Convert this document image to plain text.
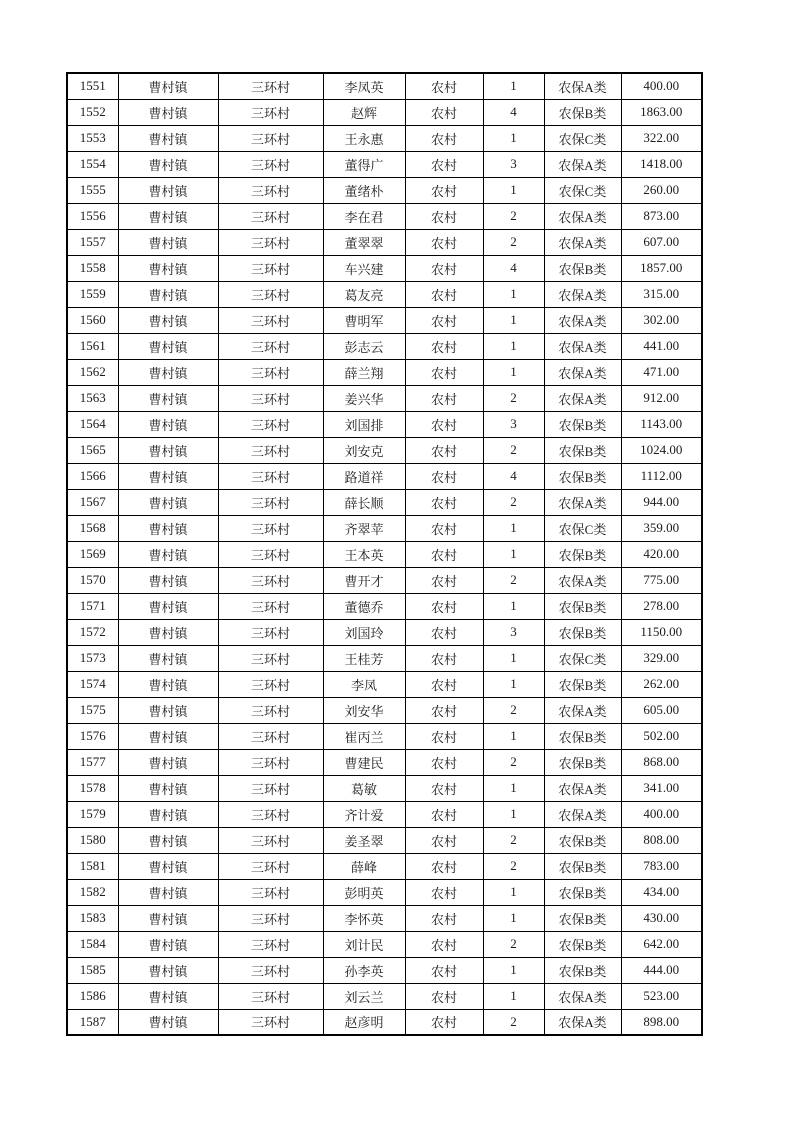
1551	曹村镇	三环村	李凤英	农村	1	农保A类	400.00
1552	曹村镇	三环村	赵辉	农村	4	农保B类	1863.00
1553	曹村镇	三环村	王永惠	农村	1	农保C类	322.00
1554	曹村镇	三环村	董得广	农村	3	农保A类	1418.00
1555	曹村镇	三环村	董绪朴	农村	1	农保C类	260.00
1556	曹村镇	三环村	李在君	农村	2	农保A类	873.00
1557	曹村镇	三环村	董翠翠	农村	2	农保A类	607.00
1558	曹村镇	三环村	车兴建	农村	4	农保B类	1857.00
1559	曹村镇	三环村	葛友亮	农村	1	农保A类	315.00
1560	曹村镇	三环村	曹明军	农村	1	农保A类	302.00
1561	曹村镇	三环村	彭志云	农村	1	农保A类	441.00
1562	曹村镇	三环村	薛兰翔	农村	1	农保A类	471.00
1563	曹村镇	三环村	姜兴华	农村	2	农保A类	912.00
1564	曹村镇	三环村	刘国排	农村	3	农保B类	1143.00
1565	曹村镇	三环村	刘安克	农村	2	农保B类	1024.00
1566	曹村镇	三环村	路道祥	农村	4	农保B类	1112.00
1567	曹村镇	三环村	薛长顺	农村	2	农保A类	944.00
1568	曹村镇	三环村	齐翠苹	农村	1	农保C类	359.00
1569	曹村镇	三环村	王本英	农村	1	农保B类	420.00
1570	曹村镇	三环村	曹开才	农村	2	农保A类	775.00
1571	曹村镇	三环村	董德乔	农村	1	农保B类	278.00
1572	曹村镇	三环村	刘国玲	农村	3	农保B类	1150.00
1573	曹村镇	三环村	王桂芳	农村	1	农保C类	329.00
1574	曹村镇	三环村	李凤	农村	1	农保B类	262.00
1575	曹村镇	三环村	刘安华	农村	2	农保A类	605.00
1576	曹村镇	三环村	崔丙兰	农村	1	农保B类	502.00
1577	曹村镇	三环村	曹建民	农村	2	农保B类	868.00
1578	曹村镇	三环村	葛敏	农村	1	农保A类	341.00
1579	曹村镇	三环村	齐计爱	农村	1	农保A类	400.00
1580	曹村镇	三环村	姜圣翠	农村	2	农保B类	808.00
1581	曹村镇	三环村	薛峰	农村	2	农保B类	783.00
1582	曹村镇	三环村	彭明英	农村	1	农保B类	434.00
1583	曹村镇	三环村	李怀英	农村	1	农保B类	430.00
1584	曹村镇	三环村	刘计民	农村	2	农保B类	642.00
1585	曹村镇	三环村	孙李英	农村	1	农保B类	444.00
1586	曹村镇	三环村	刘云兰	农村	1	农保A类	523.00
1587	曹村镇	三环村	赵彦明	农村	2	农保A类	898.00
